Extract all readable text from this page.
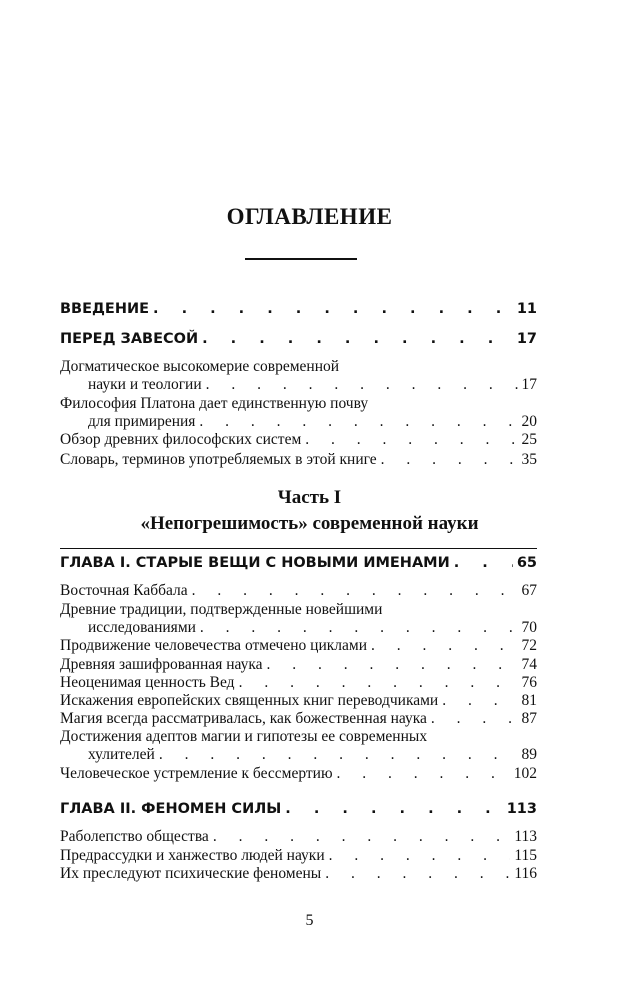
ОГЛАВЛЕНИЕ
ВВЕДЕНИЕ . . .	11
ПЕРЕД ЗАВЕСОЙ . . .	17
Догматическое высокомерие современной
науки и теологии . . .	17
Философия Платона дает единственную почву
для примирения . . .	20
Обзор древних философских систем . . .	25
Словарь, терминов употребляемых в этой книге . . .	35
Часть I
«Непогрешимость» современной науки
ГЛАВА I. СТАРЫЕ ВЕЩИ С НОВЫМИ ИМЕНАМИ . . .	65
Восточная Каббала . . .	67
Древние традиции, подтвержденные новейшими
исследованиями . . .	70
Продвижение человечества отмечено циклами . . .	72
Древняя зашифрованная наука . . .	74
Неоценимая ценность Вед . . .	76
Искажения европейских священных книг переводчиками . . .	81
Магия всегда рассматривалась, как божественная наука . . .	87
Достижения адептов магии и гипотезы ее современных
хулителей . . .	89
Человеческое устремление к бессмертию . . .	102
ГЛАВА II. ФЕНОМЕН СИЛЫ . . .	113
Раболепство общества . . .	113
Предрассудки и ханжество людей науки . . .	115
Их преследуют психические феномены . . .	116
5
